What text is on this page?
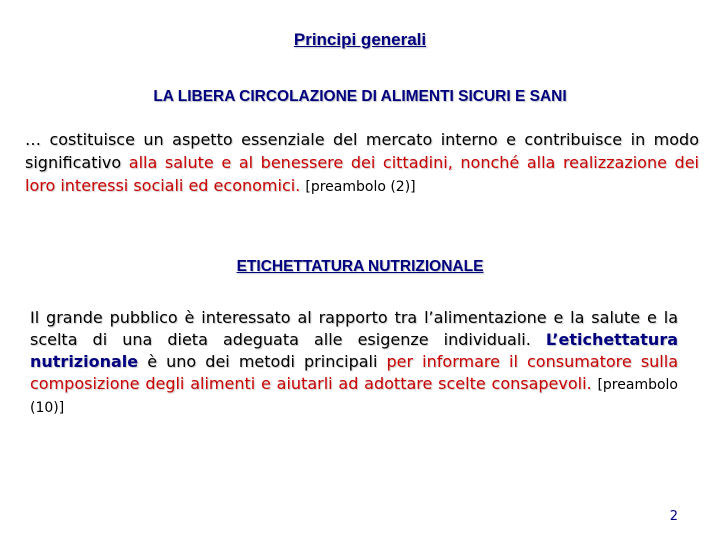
Principi generali
LA LIBERA CIRCOLAZIONE DI ALIMENTI SICURI E SANI
… costituisce un aspetto essenziale del mercato interno e contribuisce in modo significativo alla salute e al benessere dei cittadini, nonché alla realizzazione dei loro interessi sociali ed economici. [preambolo (2)]
ETICHETTATURA NUTRIZIONALE
Il grande pubblico è interessato al rapporto tra l’alimentazione e la salute e la scelta di una dieta adeguata alle esigenze individuali. L’etichettatura nutrizionale è uno dei metodi principali per informare il consumatore sulla composizione degli alimenti e aiutarli ad adottare scelte consapevoli. [preambolo (10)]
2
